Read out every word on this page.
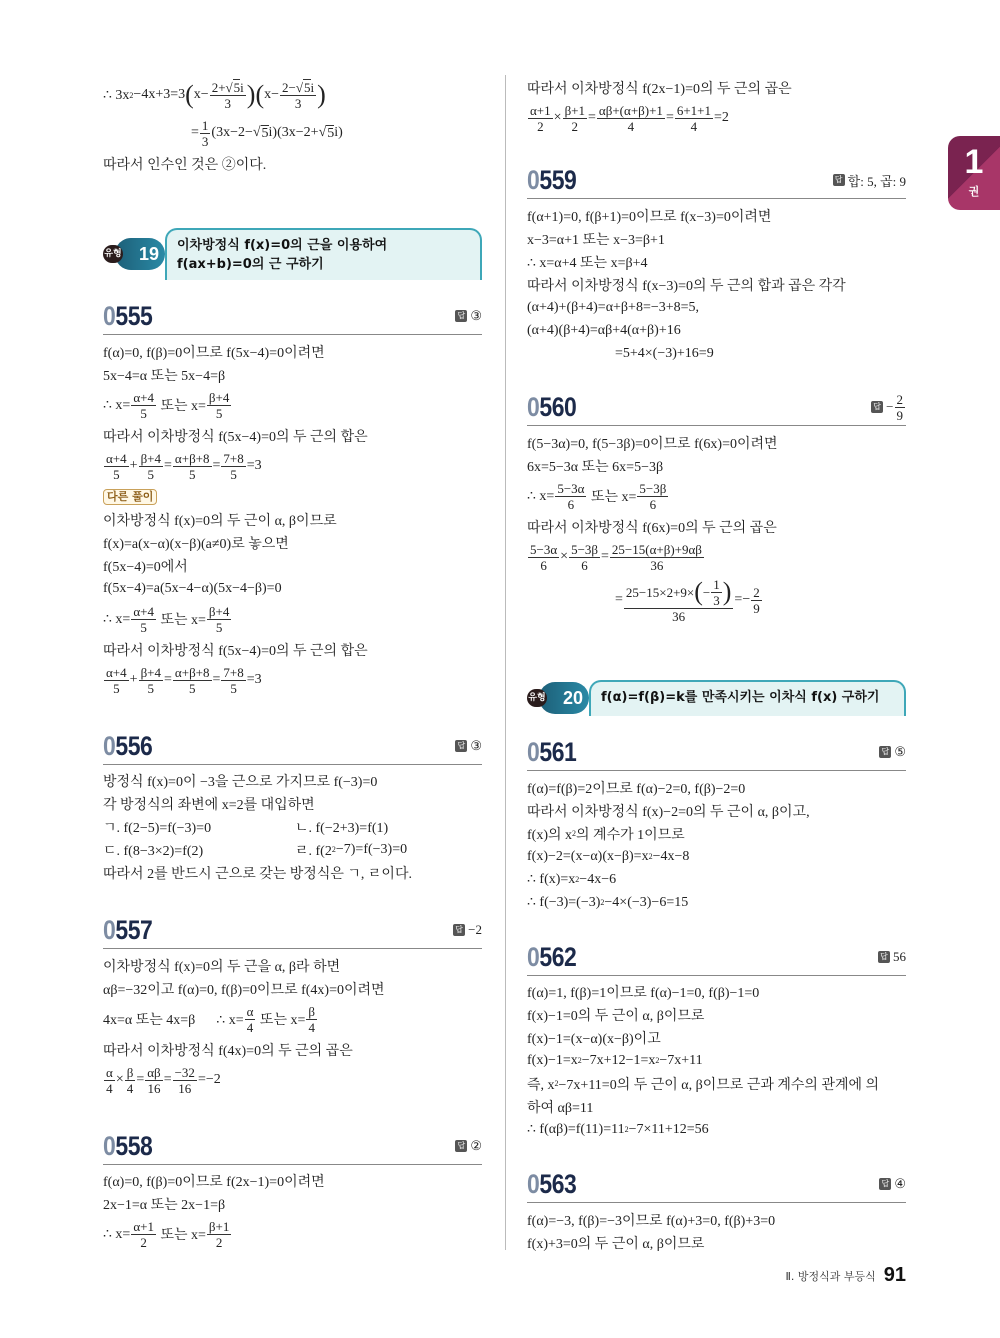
∴ 3x 2 −4x+3=3 ( $x- \frac{2+ √ 5 i}{3}$ ) ( $x- \frac{2- √ 5 i}{3}$ )
= $\frac{1}{3} (3x-2-$ √ 5 i)(3x−2+ √ 5 i)
따라서 인수인 것은 ②이다.
19
유형
이차방정식 f(x)=0의 근을 이용하여
f(ax+b)=0의 근 구하기
0555	답 ③
f(α)=0, f(β)=0이므로 f(5x−4)=0이려면
5x−4=α 또는 5x−4=β
∴ $x= \frac{\alpha+4}{5}$ 또는 $x= \frac{\beta+4}{5}$
따라서 이차방정식 f(5x−4)=0의 두 근의 합은
$\frac{\alpha+4}{5} + \frac{\beta+4}{5} = \frac{\alpha+\beta+8}{5} = \frac{7+8}{5} =3$
다른 풀이
이차방정식 f(x)=0의 두 근이 α, β이므로
f(x)=a(x−α)(x−β)(a≠0)로 놓으면
f(5x−4)=0에서
f(5x−4)=a(5x−4−α)(5x−4−β)=0
∴ $x= \frac{\alpha+4}{5}$ 또는 $x= \frac{\beta+4}{5}$
따라서 이차방정식 f(5x−4)=0의 두 근의 합은
$\frac{\alpha+4}{5} + \frac{\beta+4}{5} = \frac{\alpha+\beta+8}{5} = \frac{7+8}{5} =3$
0556	답 ③
방정식 f(x)=0이 −3을 근으로 가지므로 f(−3)=0
각 방정식의 좌변에 x=2를 대입하면
ㄱ. f(2−5)=f(−3)=0	ㄴ. f(−2+3)=f(1)
ㄷ. f(8−3×2)=f(2)	ㄹ. f(2 2 −7)=f(−3)=0
따라서 2를 반드시 근으로 갖는 방정식은 ㄱ, ㄹ이다.
0557	답 −2
이차방정식 f(x)=0의 두 근을 α, β라 하면
αβ=−32이고 f(α)=0, f(β)=0이므로 f(4x)=0이려면
4x=α 또는 4x=β      ∴ $x= \frac{\alpha}{4}$ 또는 $x= \frac{\beta}{4}$
따라서 이차방정식 f(4x)=0의 두 근의 곱은
$\frac{\alpha}{4} \times \frac{\beta}{4} = \frac{\alpha\beta}{16} = \frac{-32}{16} =-2$
0558	답 ②
f(α)=0, f(β)=0이므로 f(2x−1)=0이려면
2x−1=α 또는 2x−1=β
∴ $x= \frac{\alpha+1}{2}$ 또는 $x= \frac{\beta+1}{2}$
따라서 이차방정식 f(2x−1)=0의 두 근의 곱은
$\frac{\alpha+1}{2} \times \frac{\beta+1}{2} = \frac{\alpha\beta+(\alpha+\beta)+1}{4} = \frac{6+1+1}{4} =2$
0559	답 합: 5, 곱: 9
f(α+1)=0, f(β+1)=0이므로 f(x−3)=0이려면
x−3=α+1 또는 x−3=β+1
∴ x=α+4 또는 x=β+4
따라서 이차방정식 f(x−3)=0의 두 근의 합과 곱은 각각
(α+4)+(β+4)=α+β+8=−3+8=5,
(α+4)(β+4)=αβ+4(α+β)+16
=5+4×(−3)+16=9
0560	답 − $\frac{2}{9}$
f(5−3α)=0, f(5−3β)=0이므로 f(6x)=0이려면
6x=5−3α 또는 6x=5−3β
∴ $x= \frac{5-3\alpha}{6}$ 또는 $x= \frac{5-3\beta}{6}$
따라서 이차방정식 f(6x)=0의 두 근의 곱은
$\frac{5-3\alpha}{6} \times \frac{5-3\beta}{6} = \frac{25-15(\alpha+\beta)+9\alpha\beta}{36}$
= $\frac{25-15\times 2+9\times ( - \frac{1}{3} )}{36} =- \frac{2}{9}$
20
유형	f(α)=f(β)=k를 만족시키는 이차식 f(x) 구하기
0561	답 ⑤
f(α)=f(β)=2이므로 f(α)−2=0, f(β)−2=0
따라서 이차방정식 f(x)−2=0의 두 근이 α, β이고,
f(x)의 x 2 의 계수가 1이므로
f(x)−2=(x−α)(x−β)=x 2 −4x−8
∴ f(x)=x 2 −4x−6
∴ f(−3)=(−3) 2 −4×(−3)−6=15
0562	답 56
f(α)=1, f(β)=1이므로 f(α)−1=0, f(β)−1=0
f(x)−1=0의 두 근이 α, β이므로
f(x)−1=(x−α)(x−β)이고
f(x)−1=x 2 −7x+12−1=x 2 −7x+11
즉, x 2 −7x+11=0의 두 근이 α, β이므로 근과 계수의 관계에 의
하여 αβ=11
∴ f(αβ)=f(11)=11 2 −7×11+12=56
0563	답 ④
f(α)=−3, f(β)=−3이므로 f(α)+3=0, f(β)+3=0
f(x)+3=0의 두 근이 α, β이므로
1
권
Ⅱ. 방정식과 부등식 91
